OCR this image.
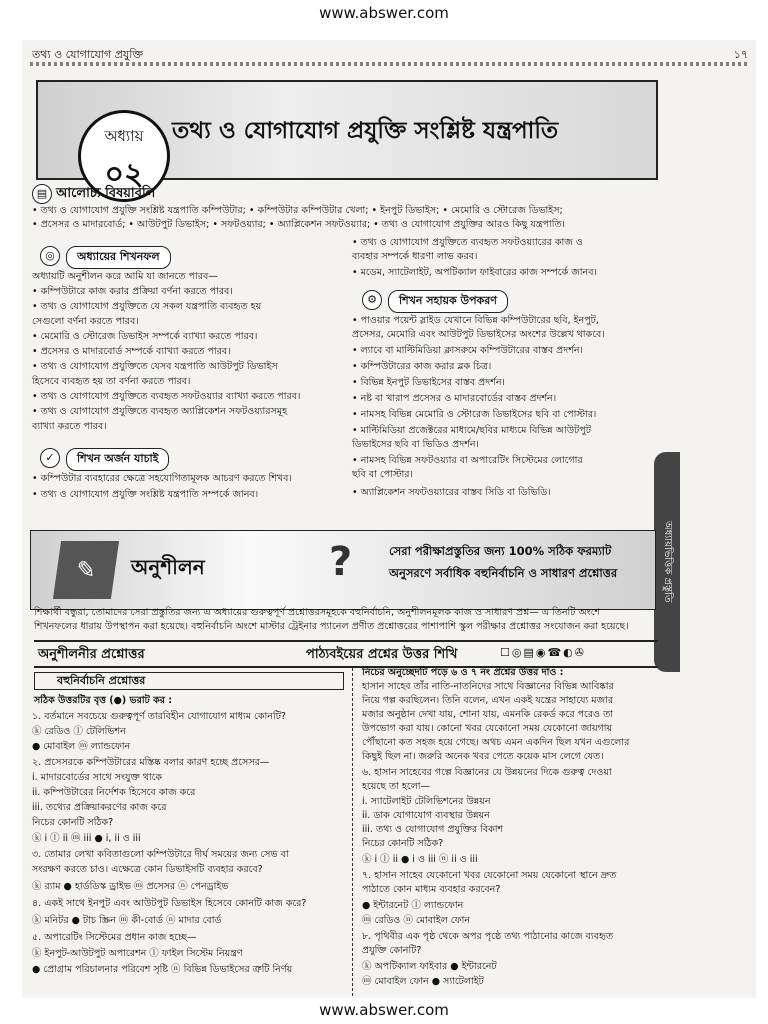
www.abswer.com
তথ্য ও যোগাযোগ প্রযুক্তি	১৭
অধ্যায়
০২
তথ্য ও যোগাযোগ প্রযুক্তি সংশ্লিষ্ট যন্ত্রপাতি
▤ আলোচ্য বিষয়াবলি
• তথ্য ও যোগাযোগ প্রযুক্তি সংশ্লিষ্ট যন্ত্রপাতি কম্পিউটার; • কম্পিউটার কম্পিউটার খেলা; • ইনপুট ডিভাইস; • মেমোরি ও স্টোরেজ ডিভাইস;
• প্রসেসর ও মাদারবোর্ড; • আউটপুট ডিভাইস; • সফটওয়্যার; • অ্যাপ্লিকেশন সফটওয়্যার; • তথ্য ও যোগাযোগ প্রযুক্তির আরও কিছু যন্ত্রপাতি।
◎	অধ্যায়ের শিখনফল
অধ্যায়টি অনুশীলন করে আমি যা জানতে পারব—
• কম্পিউটারে কাজ করার প্রক্রিয়া বর্ণনা করতে পারব।
• তথ্য ও যোগাযোগ প্রযুক্তিতে যে সকল যন্ত্রপাতি ব্যবহৃত হয়
সেগুলো বর্ণনা করতে পারব।
• মেমোরি ও স্টোরেজ ডিভাইস সম্পর্কে ব্যাখ্যা করতে পারব।
• প্রসেসর ও মাদারবোর্ড সম্পর্কে ব্যাখ্যা করতে পারব।
• তথ্য ও যোগাযোগ প্রযুক্তিতে যেসব যন্ত্রপাতি আউটপুট ডিভাইস
হিসেবে ব্যবহৃত হয় তা বর্ণনা করতে পারব।
• তথ্য ও যোগাযোগ প্রযুক্তিতে ব্যবহৃত সফটওয়্যার ব্যাখ্যা করতে পারব।
• তথ্য ও যোগাযোগ প্রযুক্তিতে ব্যবহৃত অ্যাপ্লিকেশন সফটওয়্যারসমূহ
ব্যাখ্যা করতে পারব।
✓	শিখন অর্জন যাচাই
• কম্পিউটার ব্যবহারের ক্ষেত্রে সহযোগিতামূলক আচরণ করতে শিখব।
• তথ্য ও যোগাযোগ প্রযুক্তি সংশ্লিষ্ট যন্ত্রপাতি সম্পর্কে জানব।
• তথ্য ও যোগাযোগ প্রযুক্তিতে ব্যবহৃত সফটওয়্যারের কাজ ও
ব্যবহার সম্পর্কে ধারণা লাভ করব।
• মডেম, স্যাটেলাইট, অপটিক্যাল ফাইবারের কাজ সম্পর্কে জানব।
⚙	শিখন সহায়ক উপকরণ
• পাওয়ার পয়েন্ট স্লাইড যেখানে বিভিন্ন কম্পিউটারের ছবি, ইনপুট,
প্রসেসর, মেমোরি এবং আউটপুট ডিভাইসের অংশের উল্লেখ থাকবে।
• ল্যাবে বা মাল্টিমিডিয়া ক্লাসরুমে কম্পিউটারের বাস্তব প্রদর্শন।
• কম্পিউটারের কাজ করার ব্লক চিত্র।
• বিভিন্ন ইনপুট ডিভাইসের বাস্তব প্রদর্শন।
• নষ্ট বা খারাপ প্রসেসর ও মাদারবোর্ডের বাস্তব প্রদর্শন।
• নামসহ বিভিন্ন মেমোরি ও স্টোরেজ ডিভাইসের ছবি বা পোস্টার।
• মাল্টিমিডিয়া প্রজেক্টরের মাধ্যমে/ছবির মাধ্যমে বিভিন্ন আউটপুট
ডিভাইসের ছবি বা ভিডিও প্রদর্শন।
• নামসহ বিভিন্ন সফটওয়্যার বা অপারেটিং সিস্টেমের লোগোর
ছবি বা পোস্টার।
• অ্যাপ্লিকেশন সফটওয়্যারের বাস্তব সিডি বা ডিভিডি।
অধ্যায়ভিত্তিক প্রস্তুতি
✎	অনুশীলন	?	সেরা পরীক্ষাপ্রস্তুতির জন্য 100% সঠিক ফরম্যাট
অনুসরণে সর্বাধিক বহুনির্বাচনি ও সাধারণ প্রশ্নোত্তর
শিক্ষার্থী বন্ধুরা, তোমাদের সেরা প্রস্তুতির জন্য এ অধ্যায়ের গুরুত্বপূর্ণ প্রশ্নোত্তরসমূহকে বহুনির্বাচনি, অনুশীলনমূলক কাজ ও সাধারণ প্রশ্ন— এ তিনটি অংশে শিখনফলের ধারায় উপস্থাপন করা হয়েছে। বহুনির্বাচনি অংশে মাস্টার ট্রেইনার প্যানেল প্রণীত প্রশ্নোত্তরের পাশাপাশি স্কুল পরীক্ষার প্রশ্নোত্তর সংযোজন করা হয়েছে।
অনুশীলনীর প্রশ্নোত্তর	পাঠ্যবইয়ের প্রশ্নের উত্তর শিখি	☐◎▤◉☎◐✇
বহুনির্বাচনি প্রশ্নোত্তর
সঠিক উত্তরটির বৃত্ত (●) ভরাট কর :
১. বর্তমানে সবচেয়ে গুরুত্বপূর্ণ তারবিহীন যোগাযোগ মাধ্যম কোনটি?
ⓚ রেডিও ⓛ টেলিভিশন
● মোবাইল ⓜ ল্যান্ডফোন
২. প্রসেসরকে কম্পিউটারের মস্তিষ্ক বলার কারণ হচ্ছে প্রসেসর—
i. মাদারবোর্ডের সাথে সংযুক্ত থাকে
ii. কম্পিউটারের নির্দেশক হিসেবে কাজ করে
iii. তথ্যের প্রক্রিয়াকরণের কাজ করে
নিচের কোনটি সঠিক?
ⓚ i ⓛ ii ⓜ iii ● i, ii ও iii
৩. তোমার লেখা কবিতাগুলো কম্পিউটারে দীর্ঘ সময়ের জন্য সেভ বা
সংরক্ষণ করতে চাও। এক্ষেত্রে কোন ডিভাইসটি ব্যবহার করবে?
ⓚ র‍্যাম ● হার্ডডিস্ক ড্রাইভ ⓜ প্রসেসর ⓝ পেনড্রাইভ
৪. একই সাথে ইনপুট এবং আউটপুট ডিভাইস হিসেবে কোনটি কাজ করে?
ⓚ মনিটর ● টাচ স্ক্রিন ⓜ কী-বোর্ড ⓝ মাদার বোর্ড
৫. অপারেটিং সিস্টেমের প্রধান কাজ হচ্ছে—
ⓚ ইনপুট-আউটপুট অপারেশন ⓛ ফাইল সিস্টেম নিয়ন্ত্রণ
● প্রোগ্রাম পরিচালনার পরিবেশ সৃষ্টি ⓝ বিভিন্ন ডিভাইসের ত্রুটি নির্ণয়
নিচের অনুচ্ছেদটি পড়ে ৬ ও ৭ নং প্রশ্নের উত্তর দাও :
হাসান সাহেব তাঁর নাতি-নাতনিদের সাথে বিজ্ঞানের বিভিন্ন আবিষ্কার
নিয়ে গল্প করছিলেন। তিনি বলেন, এখন একই যন্ত্রের সাহায্যে মজার
মজার অনুষ্ঠান দেখা যায়, শোনা যায়, এমনকি রেকর্ড করে পরেও তা
উপভোগ করা যায়। কোনো খবর যেকোনো সময় যেকোনো জায়গায়
পৌঁছানো কত সহজ হয়ে গেছে। অথচ এমন একদিন ছিল যখন এগুলোর
কিছুই ছিল না। জরুরি অনেক খবর পেতে কয়েক মাস লেগে যেত।
৬. হাসান সাহেবের গল্পে বিজ্ঞানের যে উন্নয়নের দিকে গুরুত্ব দেওয়া
হয়েছে তা হলো—
i. স্যাটেলাইট টেলিভিশনের উন্নয়ন
ii. ডাক যোগাযোগ ব্যবস্থার উন্নয়ন
iii. তথ্য ও যোগাযোগ প্রযুক্তির বিকাশ
নিচের কোনটি সঠিক?
ⓚ i ⓛ ii ● i ও iii ⓝ ii ও iii
৭. হাসান সাহেব যেকোনো খবর যেকোনো সময় যেকোনো স্থানে দ্রুত
পাঠাতে কোন মাধ্যম ব্যবহার করবেন?
● ইন্টারনেট ⓛ ল্যান্ডফোন
ⓜ রেডিও ⓝ মোবাইল ফোন
৮. পৃথিবীর এক পৃষ্ঠ থেকে অপর পৃষ্ঠে তথ্য পাঠানোর কাজে ব্যবহৃত
প্রযুক্তি কোনটি?
ⓚ অপটিক্যাল ফাইবার ● ইন্টারনেট
ⓜ মোবাইল ফোন ● স্যাটেলাইট
www.abswer.com
